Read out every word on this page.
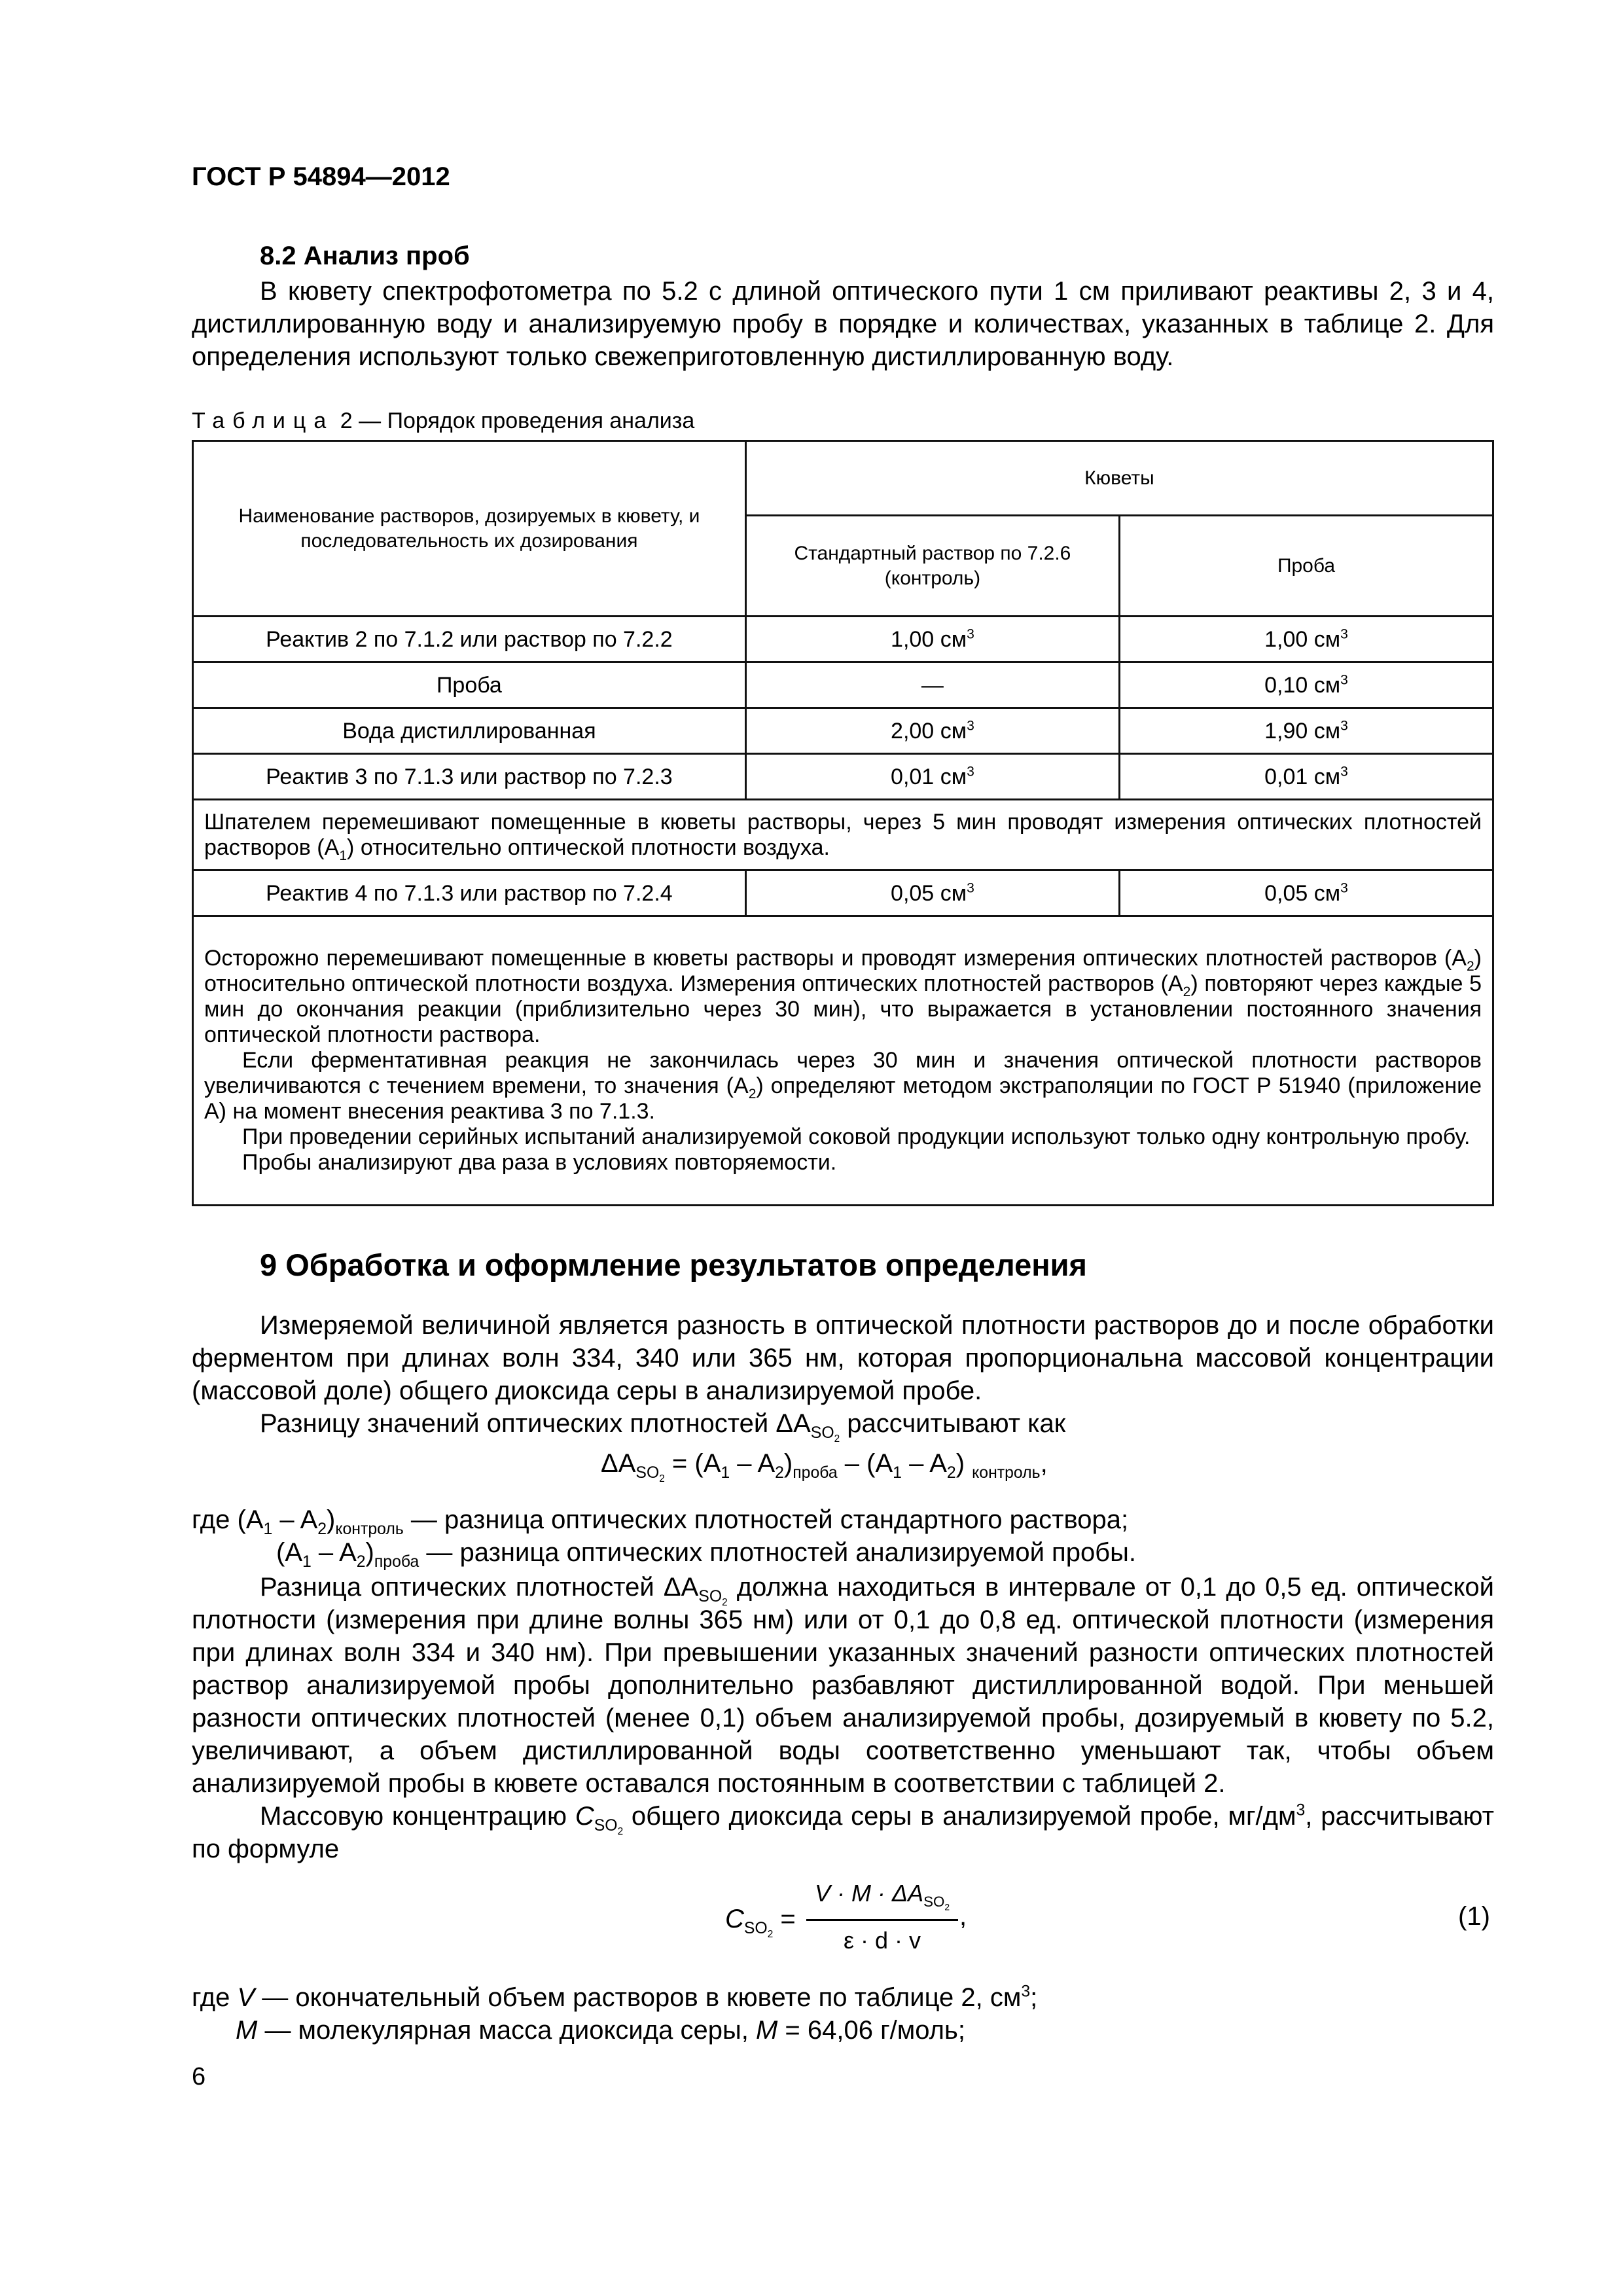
ГОСТ Р 54894—2012
8.2 Анализ проб
В кювету спектрофотометра по 5.2 с длиной оптического пути 1 см приливают реактивы 2, 3 и 4, дистиллированную воду и анализируемую пробу в порядке и количествах, указанных в таблице 2. Для определения используют только свежеприготовленную дистиллированную воду.
Таблица 2 — Порядок проведения анализа
Наименование растворов, дозируемых в кювету, и последовательность их дозирования	Кюветы	
	Стандартный раствор по 7.2.6 (контроль)	Проба
Реактив 2 по 7.1.2 или раствор по 7.2.2	1,00 $см^3$	1,00 $см^3$
Проба	—	0,10 $см^3$
Вода дистиллированная	2,00 $см^3$	1,90 $см^3$
Реактив 3 по 7.1.3 или раствор по 7.2.3	0,01 $см^3$	0,01 $см^3$
Шпателем перемешивают помещенные в кюветы растворы, через 5 мин проводят измерения оптических плотностей растворов $(А_1)$ относительно оптической плотности воздуха.		
Реактив 4 по 7.1.3 или раствор по 7.2.4	0,05 $см^3$	0,05 $см^3$

Осторожно перемешивают помещенные в кюветы растворы и проводят измерения оптических плотностей растворов $(А_2)$ относительно оптической плотности воздуха. Измерения оптических плотностей растворов $(А_2)$ повторяют через каждые 5 мин до окончания реакции (приблизительно через 30 мин), что выражается в установлении постоянного значения оптической плотности раствора.
Если ферментативная реакция не закончилась через 30 мин и значения оптической плотности растворов увеличиваются с течением времени, то значения $(А_2)$ определяют методом экстраполяции по ГОСТ Р 51940 (приложение А) на момент внесения реактива 3 по 7.1.3.
При проведении серийных испытаний анализируемой соковой продукции используют только одну контрольную пробу.
Пробы анализируют два раза в условиях повторяемости.		
9 Обработка и оформление результатов определения
Измеряемой величиной является разность в оптической плотности растворов до и после обработки ферментом при длинах волн 334, 340 или 365 нм, которая пропорциональна массовой концентрации (массовой доле) общего диоксида серы в анализируемой пробе.
Разницу значений оптических плотностей $\Delta A_{SO_2}$ рассчитывают как
$\Delta A_{SO_2} = (A_1 - A_2)_{проба} - (A_1 - A_2)$ $_{контроль}$,
где $(A_1 - A_2)_{контроль}$ — разница оптических плотностей стандартного раствора;
$(A_1 - A_2)_{проба}$ — разница оптических плотностей анализируемой пробы.
Разница оптических плотностей $\Delta A_{SO_2}$ должна находиться в интервале от 0,1 до 0,5 ед. оптической плотности (измерения при длине волны 365 нм) или от 0,1 до 0,8 ед. оптической плотности (измерения при длинах волн 334 и 340 нм). При превышении указанных значений разности оптических плотностей раствор анализируемой пробы дополнительно разбавляют дистиллированной водой. При меньшей разности оптических плотностей (менее 0,1) объем анализируемой пробы, дозируемый в кювету по 5.2, увеличивают, а объем дистиллированной воды соответственно уменьшают так, чтобы объем анализируемой пробы в кювете оставался постоянным в соответствии с таблицей 2.
Массовую концентрацию $C_{SO_2}$ общего диоксида серы в анализируемой пробе, $мг/дм^3$, рассчитывают по формуле
$C_{SO_2}$ =
$V \cdot M \cdot \Delta A_{SO_2}$
ε · d · v
,	(1)
где V — окончательный объем растворов в кювете по таблице 2, $см^3$;
M — молекулярная масса диоксида серы, M = 64,06 г/моль;
6
